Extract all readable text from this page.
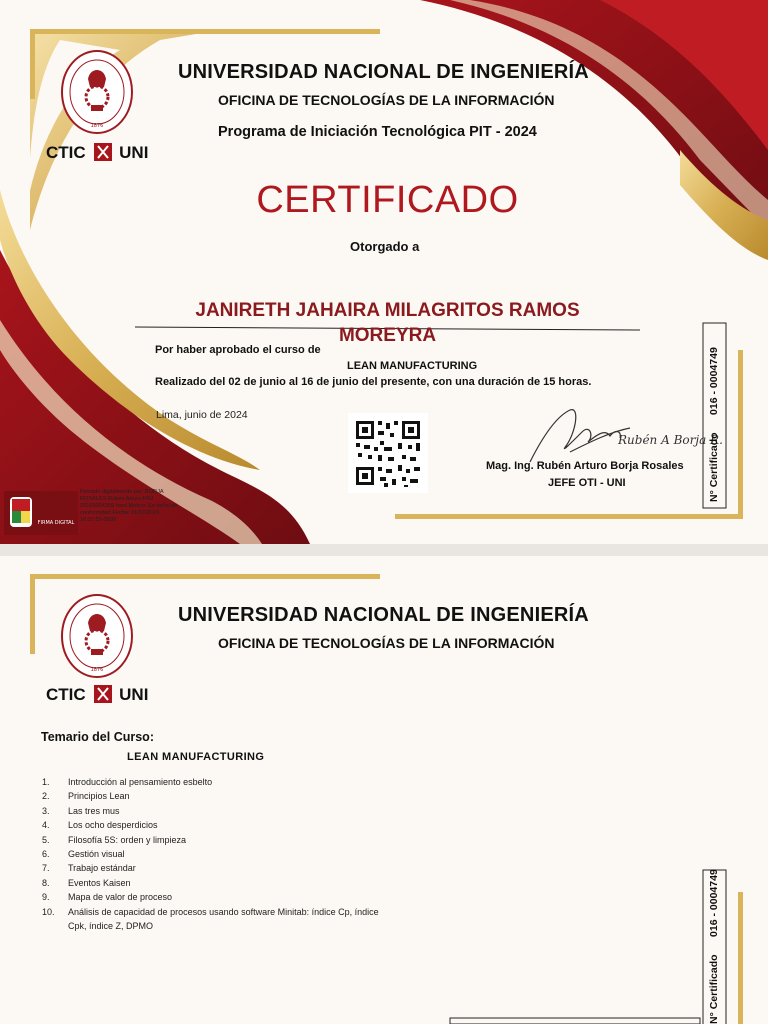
1876
CTIC UNI
UNIVERSIDAD NACIONAL DE INGENIERÍA
OFICINA DE TECNOLOGÍAS DE LA INFORMACIÓN
Programa de Iniciación Tecnológica PIT - 2024
CERTIFICADO
Otorgado a
JANIRETH JAHAIRA MILAGRITOS RAMOS
MOREYRA
Por haber aprobado el curso de
LEAN MANUFACTURING
Realizado del 02 de junio al 16 de junio del presente, con una duración de 15 horas.
Lima, junio de 2024
Rubén A Borja R.
Mag. Ing. Rubén Arturo Borja Rosales
JEFE OTI - UNI	N° Certificado      016 - 0004749
FIRMA DIGITAL
Firmado digitalmente por: BORJA ROSALES Ruben Arturo FAU 20169004359 hard Motivo: En señal de conformidad Fecha: 01/07/2024 16:37:55-0500
1876
CTIC UNI
UNIVERSIDAD NACIONAL DE INGENIERÍA
OFICINA DE TECNOLOGÍAS DE LA INFORMACIÓN
Temario del Curso:
LEAN MANUFACTURING
1.	Introducción al pensamiento esbelto
2.	Principios Lean
3.	Las tres mus
4.	Los ocho desperdicios
5.	Filosofía 5S: orden y limpieza
6.	Gestión visual
7.	Trabajo estándar
8.	Eventos Kaisen
9.	Mapa de valor de proceso
10.	Análisis de capacidad de procesos usando software Minitab: índice Cp, índice Cpk, índice Z, DPMO
N° Certificado      016 - 0004749
